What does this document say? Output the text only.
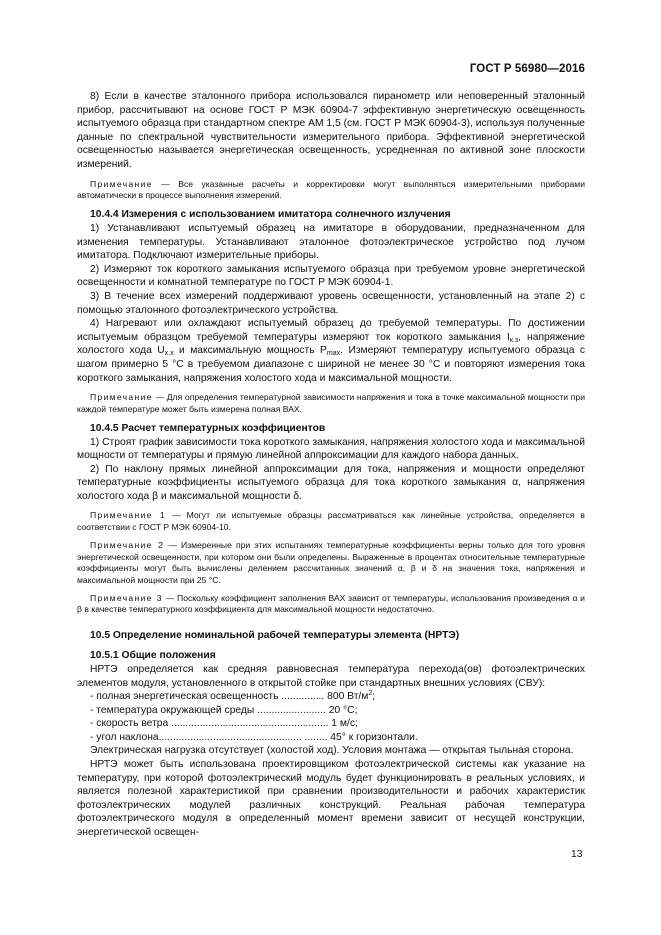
ГОСТ Р 56980—2016

8) Если в качестве эталонного прибора использовался пиранометр или неповеренный эталонный прибор, рассчитывают на основе ГОСТ Р МЭК 60904-7 эффективную энергетическую освещенность испытуемого образца при стандартном спектре AM 1,5 (см. ГОСТ Р МЭК 60904-3), используя полученные данные по спектральной чувствительности измерительного прибора. Эффективной энергетической освещенностью называется энергетическая освещенность, усредненная по активной зоне плоскости измерений.

Примечание — Все указанные расчеты и корректировки могут выполняться измерительными приборами автоматически в процессе выполнения измерений.

10.4.4 Измерения с использованием имитатора солнечного излучения

1) Устанавливают испытуемый образец на имитаторе в оборудовании, предназначенном для изменения температуры. Устанавливают эталонное фотоэлектрическое устройство под лучом имитатора. Подключают измерительные приборы.

2) Измеряют ток короткого замыкания испытуемого образца при требуемом уровне энергетической освещенности и комнатной температуре по ГОСТ Р МЭК 60904-1.

3) В течение всех измерений поддерживают уровень освещенности, установленный на этапе 2) с помощью эталонного фотоэлектрического устройства.

4) Нагревают или охлаждают испытуемый образец до требуемой температуры. По достижении испытуемым образцом требуемой температуры измеряют ток короткого замыкания $I_{к.з}$, напряжение холостого хода $U_{х.х}$ и максимальную мощность $P_{max}$. Измеряют температуру испытуемого образца с шагом примерно 5 °С в требуемом диапазоне с шириной не менее 30 °С и повторяют измерения тока короткого замыкания, напряжения холостого хода и максимальной мощности.

Примечание — Для определения температурной зависимости напряжения и тока в точке максимальной мощности при каждой температуре может быть измерена полная ВАХ.

10.4.5 Расчет температурных коэффициентов

1) Строят график зависимости тока короткого замыкания, напряжения холостого хода и максимальной мощности от температуры и прямую линейной аппроксимации для каждого набора данных.

2) По наклону прямых линейной аппроксимации для тока, напряжения и мощности определяют температурные коэффициенты испытуемого образца для тока короткого замыкания α, напряжения холостого хода β и максимальной мощности δ.

Примечание 1 — Могут ли испытуемые образцы рассматриваться как линейные устройства, определяется в соответствии с ГОСТ Р МЭК 60904-10.

Примечание 2 — Измеренные при этих испытаниях температурные коэффициенты верны только для того уровня энергетической освещенности, при котором они были определены. Выраженные в процентах относительные температурные коэффициенты могут быть вычислены делением рассчитанных значений α, β и δ на значения тока, напряжения и максимальной мощности при 25 °С.

Примечание 3 — Поскольку коэффициент заполнения ВАХ зависит от температуры, использования произведения α и β в качестве температурного коэффициента для максимальной мощности недостаточно.

10.5 Определение номинальной рабочей температуры элемента (НРТЭ)
10.5.1 Общие положения

НРТЭ определяется как средняя равновесная температура перехода(ов) фотоэлектрических элементов модуля, установленного в открытой стойке при стандартных внешних условиях (СВУ):

- полная энергетическая освещенность ............... 800 $Вт/м^2$;
- температура окружающей среды ........................ 20 °С;
- скорость ветра ....................................................... 1 м/с;
- угол наклона.................................................. ........ 45° к горизонтали.

Электрическая нагрузка отсутствует (холостой ход). Условия монтажа — открытая тыльная сторона.

НРТЭ может быть использована проектировщиком фотоэлектрической системы как указание на температуру, при которой фотоэлектрический модуль будет функционировать в реальных условиях, и является полезной характеристикой при сравнении производительности и рабочих характеристик фотоэлектрических модулей различных конструкций. Реальная рабочая температура фотоэлектрического модуля в определенный момент времени зависит от несущей конструкции, энергетической освещен-

13
